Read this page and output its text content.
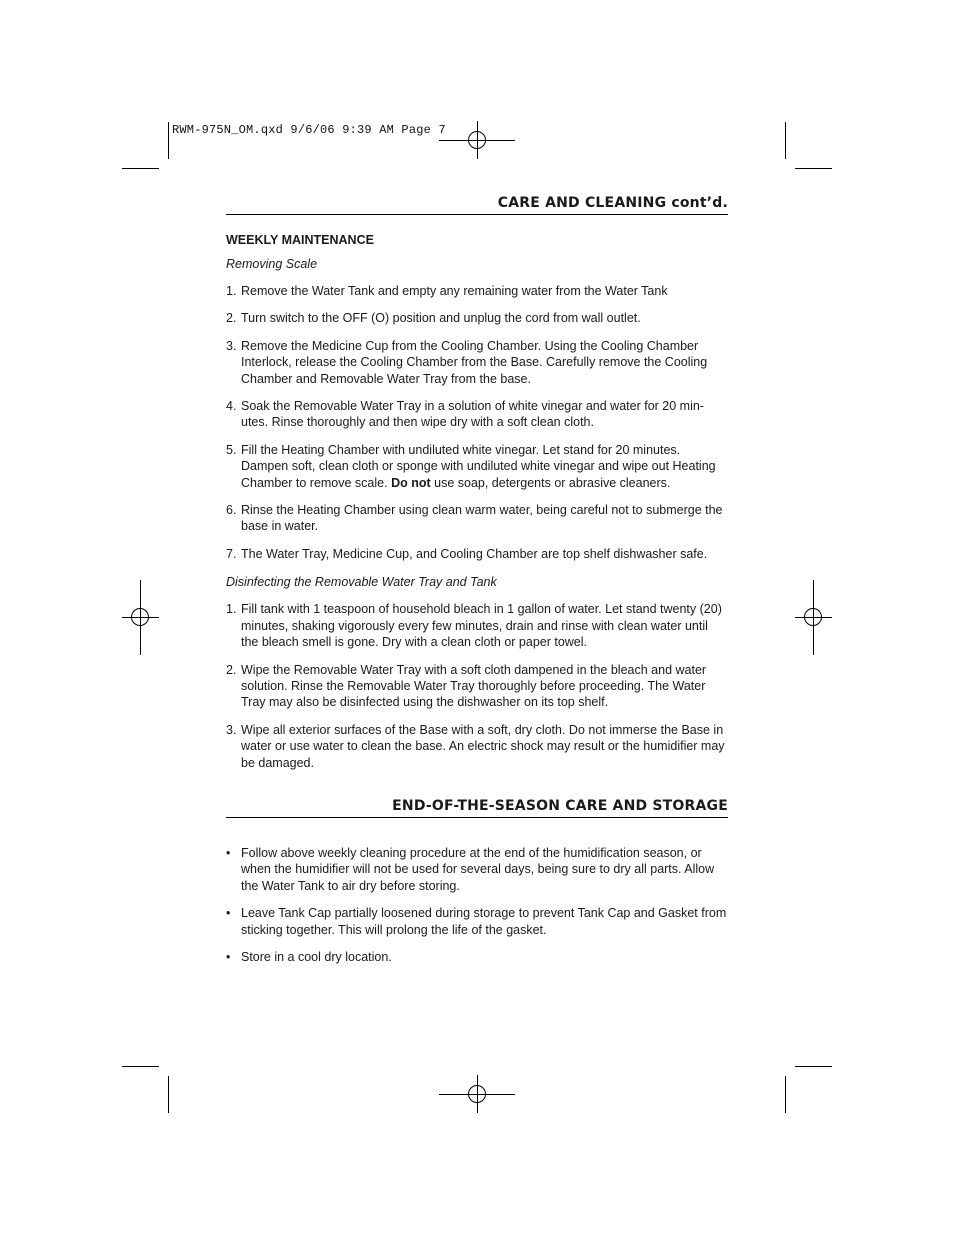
RWM-975N_OM.qxd 9/6/06 9:39 AM Page 7
CARE AND CLEANING cont’d.
WEEKLY MAINTENANCE
Removing Scale
1. Remove the Water Tank and empty any remaining water from the Water Tank
2. Turn switch to the OFF (O) position and unplug the cord from wall outlet.
3. Remove the Medicine Cup from the Cooling Chamber. Using the Cooling Chamber Interlock, release the Cooling Chamber from the Base. Carefully remove the Cooling Chamber and Removable Water Tray from the base.
4. Soak the Removable Water Tray in a solution of white vinegar and water for 20 min- utes. Rinse thoroughly and then wipe dry with a soft clean cloth.
5. Fill the Heating Chamber with undiluted white vinegar. Let stand for 20 minutes. Dampen soft, clean cloth or sponge with undiluted white vinegar and wipe out Heating Chamber to remove scale. Do not use soap, detergents or abrasive cleaners.
6. Rinse the Heating Chamber using clean warm water, being careful not to submerge the base in water.
7. The Water Tray, Medicine Cup, and Cooling Chamber are top shelf dishwasher safe.
Disinfecting the Removable Water Tray and Tank
1. Fill tank with 1 teaspoon of household bleach in 1 gallon of water. Let stand twenty (20) minutes, shaking vigorously every few minutes, drain and rinse with clean water until the bleach smell is gone. Dry with a clean cloth or paper towel.
2. Wipe the Removable Water Tray with a soft cloth dampened in the bleach and water solution. Rinse the Removable Water Tray thoroughly before proceeding. The Water Tray may also be disinfected using the dishwasher on its top shelf.
3. Wipe all exterior surfaces of the Base with a soft, dry cloth. Do not immerse the Base in water or use water to clean the base. An electric shock may result or the humidifier may be damaged.
END-OF-THE-SEASON CARE AND STORAGE
• Follow above weekly cleaning procedure at the end of the humidification season, or when the humidifier will not be used for several days, being sure to dry all parts. Allow the Water Tank to air dry before storing.
• Leave Tank Cap partially loosened during storage to prevent Tank Cap and Gasket from sticking together. This will prolong the life of the gasket.
• Store in a cool dry location.
